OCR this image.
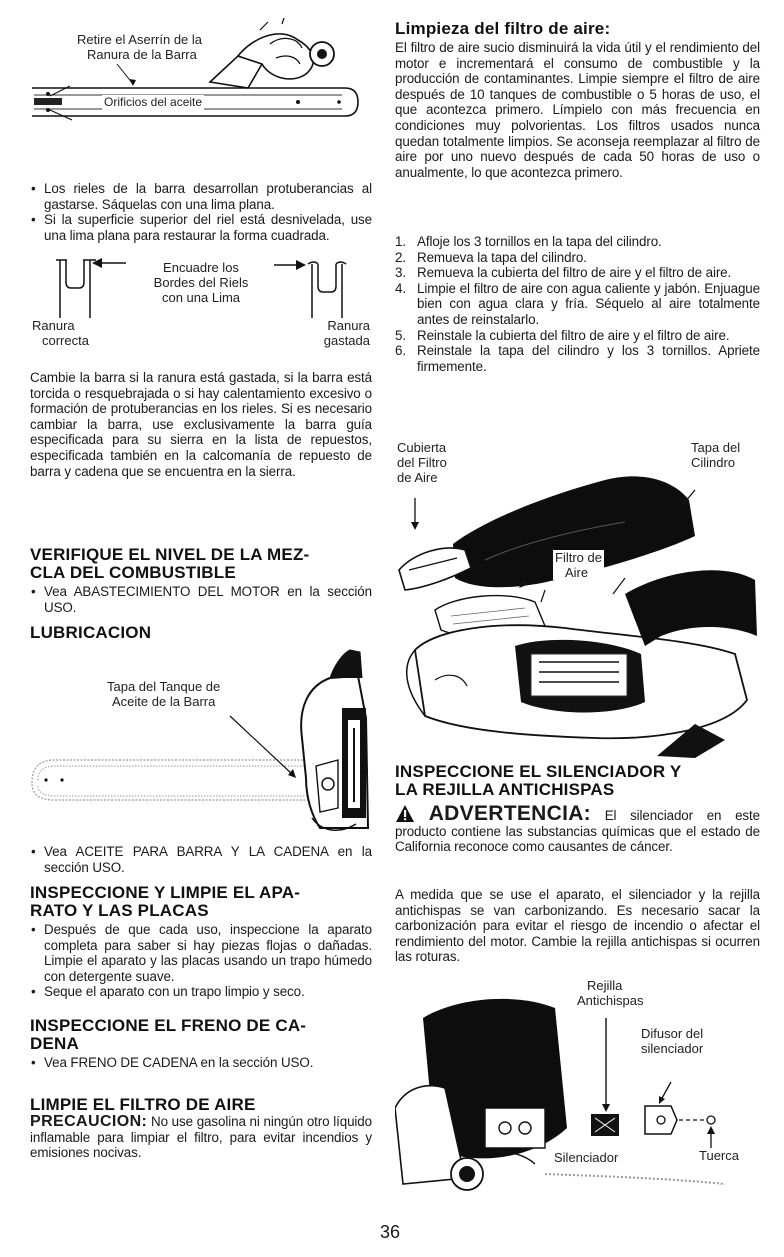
Retire el Aserrín de la
Ranura de la Barra
Orificios del aceite
• Los rieles de la barra desarrollan protuberancias al gastarse. Sáquelas con una lima plana.
• Si la superficie superior del riel está desnivelada, use una lima plana para restaurar la forma cuadrada.
Encuadre los
Bordes del Riels
con una Lima
Ranura
correcta
Ranura
gastada

Cambie la barra si la ranura está gastada, si la barra está torcida o resquebrajada o si hay calentamiento excesivo o formación de protuberancias en los rieles. Si es necesario cambiar la barra, use exclusivamente la barra guía especificada para su sierra en la lista de repuestos, especificada también en la calcomanía de repuesto de barra y cadena que se encuentra en la sierra.

VERIFIQUE EL NIVEL DE LA MEZ-
CLA DEL COMBUSTIBLE
• Vea ABASTECIMIENTO DEL MOTOR en la sección USO.
LUBRICACION
Tapa del Tanque de
Aceite de la Barra
• Vea ACEITE PARA BARRA Y LA CADENA en la sección USO.
INSPECCIONE Y LIMPIE EL APA-
RATO Y LAS PLACAS
• Después de que cada uso, inspeccione la aparato completa para saber si hay piezas flojas o dañadas. Limpie el aparato y las placas usando un trapo húmedo con detergente suave.
• Seque el aparato con un trapo limpio y seco.
INSPECCIONE EL FRENO DE CA-
DENA
• Vea FRENO DE CADENA en la sección USO.
LIMPIE EL FILTRO DE AIRE

PRECAUCION: No use gasolina ni ningún otro líquido inflamable para limpiar el filtro, para evitar incendios y emisiones nocivas.

Limpieza del filtro de aire:

El filtro de aire sucio disminuirá la vida útil y el rendimiento del motor e incrementará el consumo de combustible y la producción de contaminantes. Limpie siempre el filtro de aire después de 10 tanques de combustible o 5 horas de uso, el que acontezca primero. Límpielo con más frecuencia en condiciones muy polvorientas. Los filtros usados nunca quedan totalmente limpios. Se aconseja reemplazar al filtro de aire por uno nuevo después de cada 50 horas de uso o anualmente, lo que acontezca primero.

1. Afloje los 3 tornillos en la tapa del cilindro.
2. Remueva la tapa del cilindro.
3. Remueva la cubierta del filtro de aire y el filtro de aire.
4. Limpie el filtro de aire con agua caliente y jabón. Enjuague bien con agua clara y fría. Séquelo al aire totalmente antes de reinstalarlo.
5. Reinstale la cubierta del filtro de aire y el filtro de aire.
6. Reinstale la tapa del cilindro y los 3 tornillos. Apriete firmemente.
Cubierta
del Filtro
de Aire
Tapa del
Cilindro
Filtro de
Aire
INSPECCIONE EL SILENCIADOR Y
LA REJILLA ANTICHISPAS

ADVERTENCIA: El silenciador en este producto contiene las substancias químicas que el estado de California reconoce como causantes de cáncer.

A medida que se use el aparato, el silenciador y la rejilla antichispas se van carbonizando. Es necesario sacar la carbonización para evitar el riesgo de incendio o afectar el rendimiento del motor. Cambie la rejilla antichispas si ocurren las roturas.

Rejilla
Antichispas
Difusor del
silenciador
Silenciador	Tuerca
36
